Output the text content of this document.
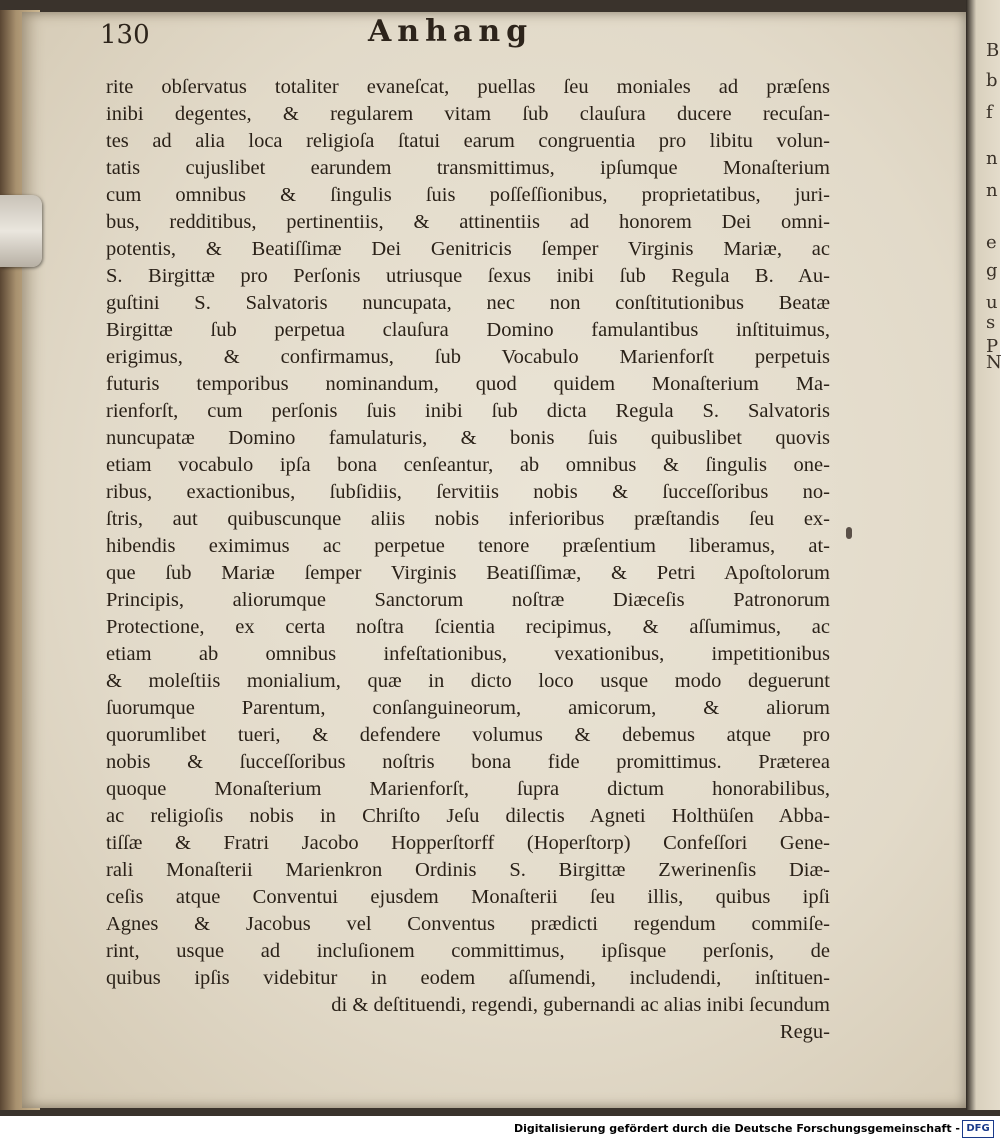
B
b
f
n
n
e
g
u
s
P
N
130	Anhang
rite obſervatus totaliter evaneſcat, puellas ſeu moniales ad præſens
inibi degentes, & regularem vitam ſub clauſura ducere recuſan-
tes ad alia loca religioſa ſtatui earum congruentia pro libitu volun-
tatis cujuslibet earundem transmittimus, ipſumque Monaſterium
cum omnibus & ſingulis ſuis poſſeſſionibus, proprietatibus, juri-
bus, redditibus, pertinentiis, & attinentiis ad honorem Dei omni-
potentis, & Beatiſſimæ Dei Genitricis ſemper Virginis Mariæ, ac
S. Birgittæ pro Perſonis utriusque ſexus inibi ſub Regula B. Au-
guſtini S. Salvatoris nuncupata, nec non conſtitutionibus Beatæ
Birgittæ ſub perpetua clauſura Domino famulantibus inſtituimus,
erigimus, & confirmamus, ſub Vocabulo Marienforſt perpetuis
futuris temporibus nominandum, quod quidem Monaſterium Ma-
rienforſt, cum perſonis ſuis inibi ſub dicta Regula S. Salvatoris
nuncupatæ Domino famulaturis, & bonis ſuis quibuslibet quovis
etiam vocabulo ipſa bona cenſeantur, ab omnibus & ſingulis one-
ribus, exactionibus, ſubſidiis, ſervitiis nobis & ſucceſſoribus no-
ſtris, aut quibuscunque aliis nobis inferioribus præſtandis ſeu ex-
hibendis eximimus ac perpetue tenore præſentium liberamus, at-
que ſub Mariæ ſemper Virginis Beatiſſimæ, & Petri Apoſtolorum
Principis, aliorumque Sanctorum noſtræ Diæceſis Patronorum
Protectione, ex certa noſtra ſcientia recipimus, & aſſumimus, ac
etiam ab omnibus infeſtationibus, vexationibus, impetitionibus
& moleſtiis monialium, quæ in dicto loco usque modo deguerunt
ſuorumque Parentum, conſanguineorum, amicorum, & aliorum
quorumlibet tueri, & defendere volumus & debemus atque pro
nobis & ſucceſſoribus noſtris bona fide promittimus. Præterea
quoque Monaſterium Marienforſt, ſupra dictum honorabilibus,
ac religioſis nobis in Chriſto Jeſu dilectis Agneti Holthüſen Abba-
tiſſæ & Fratri Jacobo Hopperſtorff (Hoperſtorp) Confeſſori Gene-
rali Monaſterii Marienkron Ordinis S. Birgittæ Zwerinenſis Diæ-
ceſis atque Conventui ejusdem Monaſterii ſeu illis, quibus ipſi
Agnes & Jacobus vel Conventus prædicti regendum commiſe-
rint, usque ad incluſionem committimus, ipſisque perſonis, de
quibus ipſis videbitur in eodem aſſumendi, includendi, inſtituen-
di & deſtituendi, regendi, gubernandi ac alias inibi ſecundum
Regu-
Digitalisierung gefördert durch die Deutsche Forschungsgemeinschaft - DFG
